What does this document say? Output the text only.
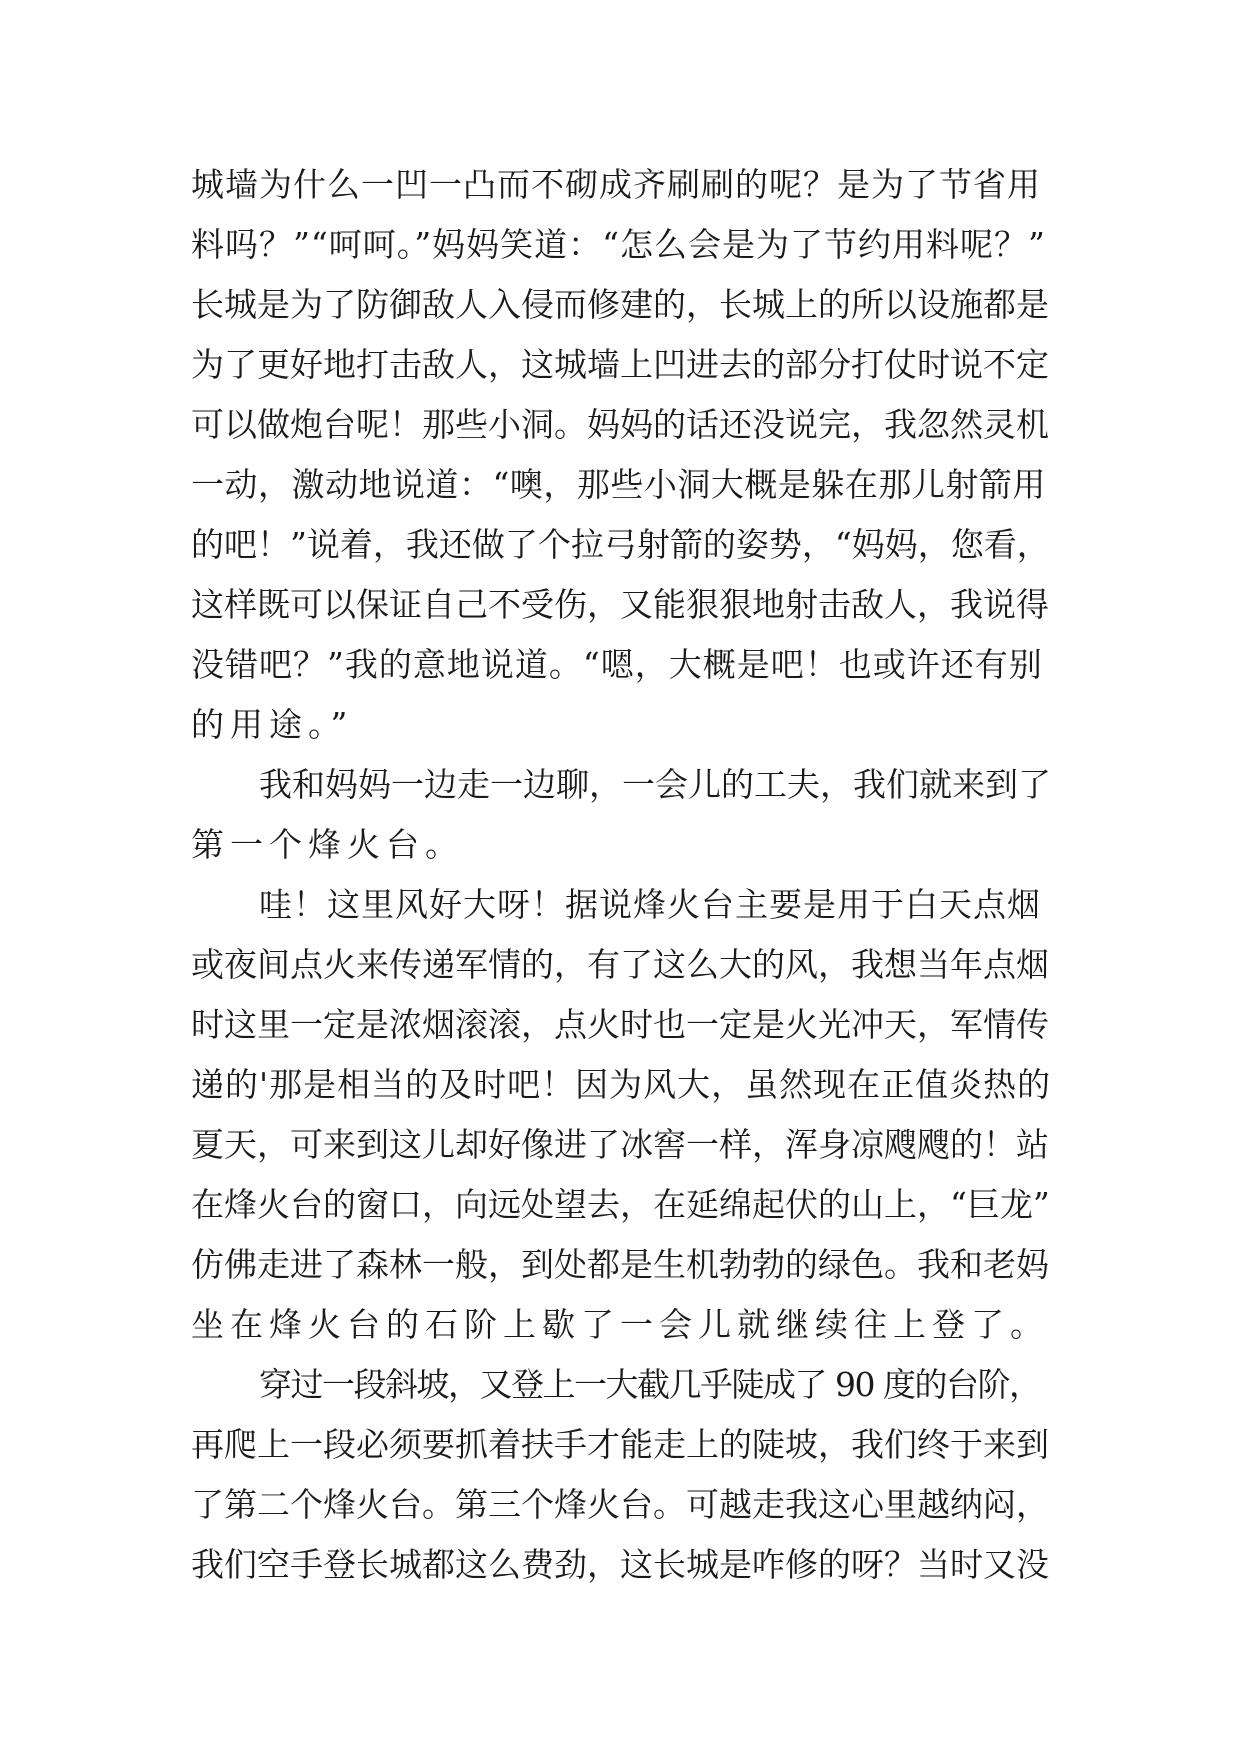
城墙为什么一凹一凸而不砌成齐刷刷的呢？是为了节省用
料吗？”“呵呵。”妈妈笑道：“怎么会是为了节约用料呢？”
长城是为了防御敌人入侵而修建的，长城上的所以设施都是
为了更好地打击敌人，这城墙上凹进去的部分打仗时说不定
可以做炮台呢！那些小洞。妈妈的话还没说完，我忽然灵机
一动，激动地说道：“噢，那些小洞大概是躲在那儿射箭用
的吧！”说着，我还做了个拉弓射箭的姿势，“妈妈，您看，
这样既可以保证自己不受伤，又能狠狠地射击敌人，我说得
没错吧？”我的意地说道。“嗯，大概是吧！也或许还有别
的用途。”
我和妈妈一边走一边聊，一会儿的工夫，我们就来到了
第一个烽火台。
哇！这里风好大呀！据说烽火台主要是用于白天点烟
或夜间点火来传递军情的，有了这么大的风，我想当年点烟
时这里一定是浓烟滚滚，点火时也一定是火光冲天，军情传
递的'那是相当的及时吧！因为风大，虽然现在正值炎热的
夏天，可来到这儿却好像进了冰窖一样，浑身凉飕飕的！站
在烽火台的窗口，向远处望去，在延绵起伏的山上，“巨龙”
仿佛走进了森林一般，到处都是生机勃勃的绿色。我和老妈
坐在烽火台的石阶上歇了一会儿就继续往上登了。
穿过一段斜坡，又登上一大截几乎陡成了 90 度的台阶，
再爬上一段必须要抓着扶手才能走上的陡坡，我们终于来到
了第二个烽火台。第三个烽火台。可越走我这心里越纳闷，
我们空手登长城都这么费劲，这长城是咋修的呀？当时又没
